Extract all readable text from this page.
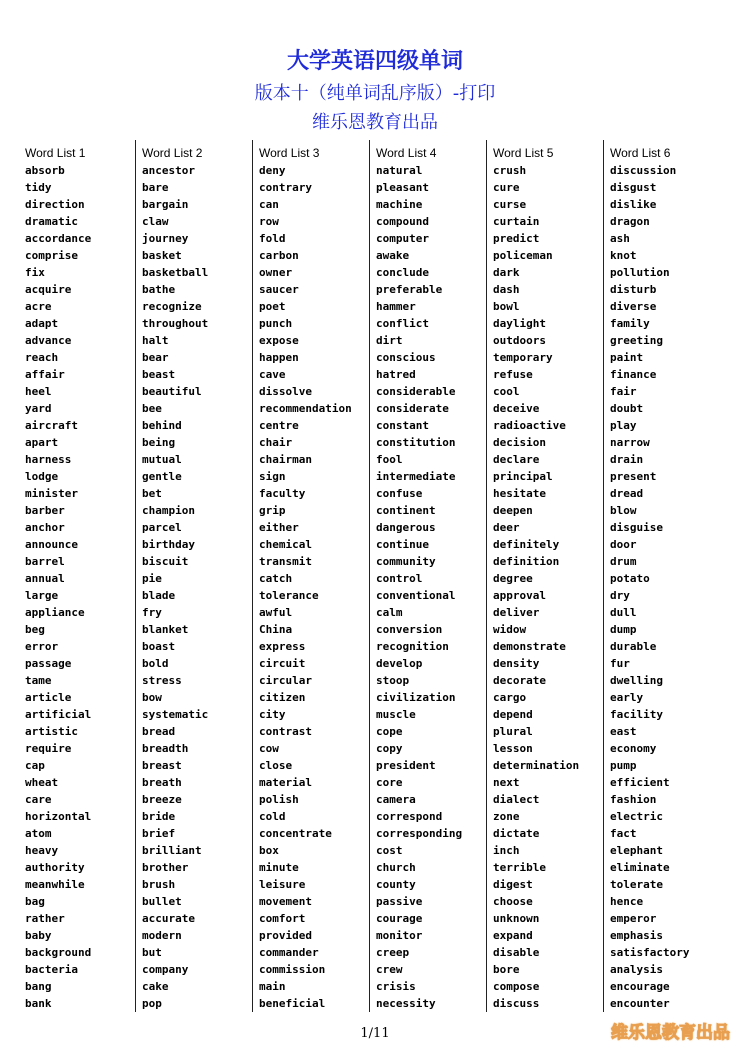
大学英语四级单词
版本十（纯单词乱序版）-打印
维乐恩教育出品
Word List 1
absorb
tidy
direction
dramatic
accordance
comprise
fix
acquire
acre
adapt
advance
reach
affair
heel
yard
aircraft
apart
harness
lodge
minister
barber
anchor
announce
barrel
annual
large
appliance
beg
error
passage
tame
article
artificial
artistic
require
cap
wheat
care
horizontal
atom
heavy
authority
meanwhile
bag
rather
baby
background
bacteria
bang
bank
Word List 2
ancestor
bare
bargain
claw
journey
basket
basketball
bathe
recognize
throughout
halt
bear
beast
beautiful
bee
behind
being
mutual
gentle
bet
champion
parcel
birthday
biscuit
pie
blade
fry
blanket
boast
bold
stress
bow
systematic
bread
breadth
breast
breath
breeze
bride
brief
brilliant
brother
brush
bullet
accurate
modern
but
company
cake
pop
Word List 3
deny
contrary
can
row
fold
carbon
owner
saucer
poet
punch
expose
happen
cave
dissolve
recommendation
centre
chair
chairman
sign
faculty
grip
either
chemical
transmit
catch
tolerance
awful
China
express
circuit
circular
citizen
city
contrast
cow
close
material
polish
cold
concentrate
box
minute
leisure
movement
comfort
provided
commander
commission
main
beneficial
Word List 4
natural
pleasant
machine
compound
computer
awake
conclude
preferable
hammer
conflict
dirt
conscious
hatred
considerable
considerate
constant
constitution
fool
intermediate
confuse
continent
dangerous
continue
community
control
conventional
calm
conversion
recognition
develop
stoop
civilization
muscle
cope
copy
president
core
camera
correspond
corresponding
cost
church
county
passive
courage
monitor
creep
crew
crisis
necessity
Word List 5
crush
cure
curse
curtain
predict
policeman
dark
dash
bowl
daylight
outdoors
temporary
refuse
cool
deceive
radioactive
decision
declare
principal
hesitate
deepen
deer
definitely
definition
degree
approval
deliver
widow
demonstrate
density
decorate
cargo
depend
plural
lesson
determination
next
dialect
zone
dictate
inch
terrible
digest
choose
unknown
expand
disable
bore
compose
discuss
Word List 6
discussion
disgust
dislike
dragon
ash
knot
pollution
disturb
diverse
family
greeting
paint
finance
fair
doubt
play
narrow
drain
present
dread
blow
disguise
door
drum
potato
dry
dull
dump
durable
fur
dwelling
early
facility
east
economy
pump
efficient
fashion
electric
fact
elephant
eliminate
tolerate
hence
emperor
emphasis
satisfactory
analysis
encourage
encounter
1/11	维乐恩教育出品
